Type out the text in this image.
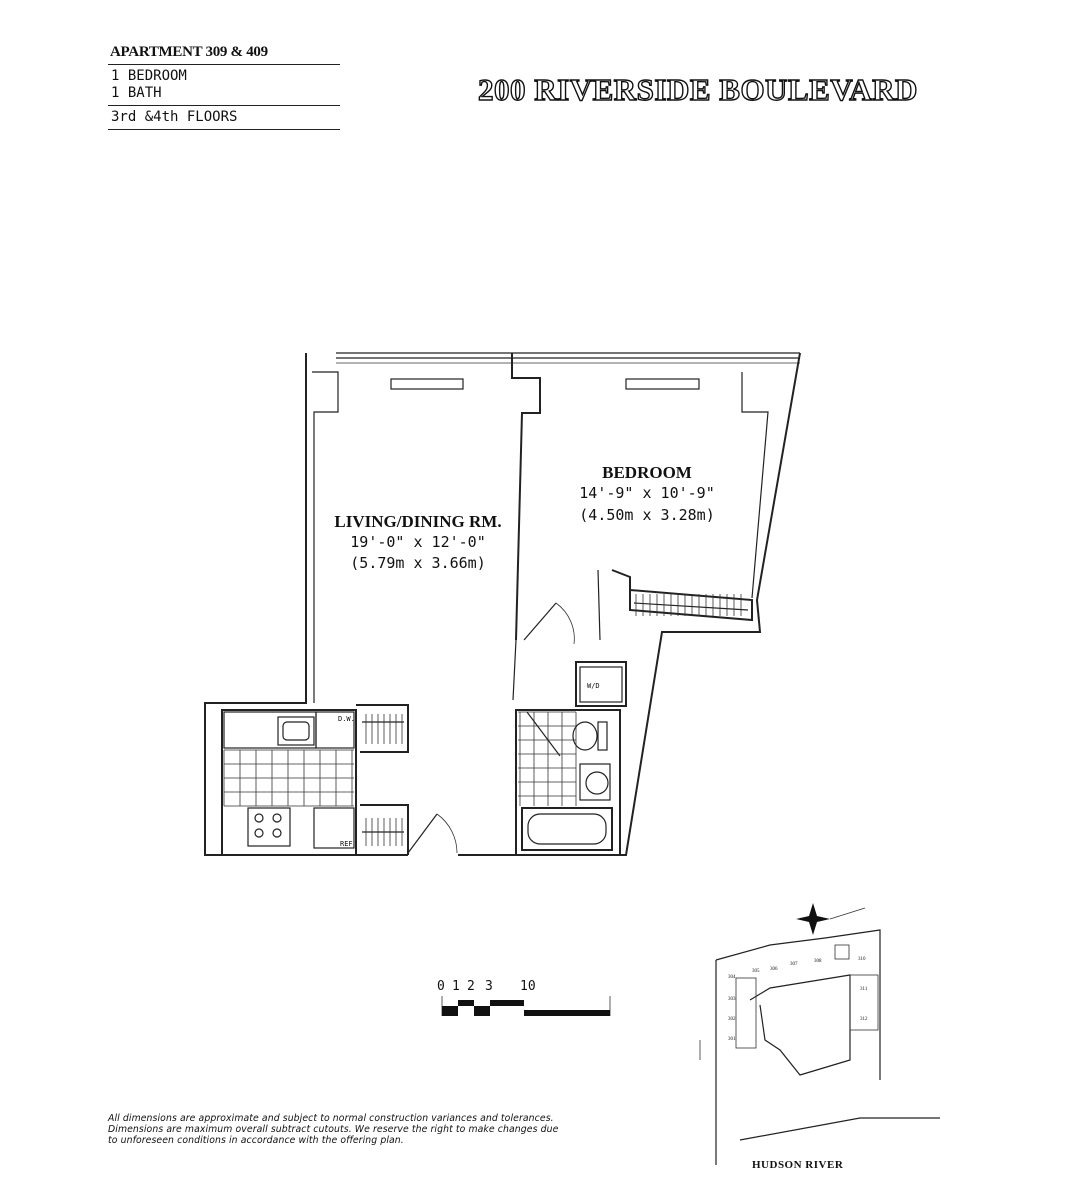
APARTMENT 309 & 409
1 BEDROOM
1 BATH
3rd &4th FLOORS
200 RIVERSIDE BOULEVARD
W/D
D.W.
REF
LIVING/DINING RM.
19'-0" x 12'-0"
(5.79m x 3.66m)
BEDROOM
14'-9" x 10'-9"
(4.50m x 3.28m)
0 1 2 3 10
304
305 306
307
308	310
311
312
303
302
301
All dimensions are approximate and subject to normal construction variances and tolerances.
Dimensions are maximum overall subtract cutouts. We reserve the right to make changes due
to unforeseen conditions in accordance with the offering plan.
HUDSON RIVER
